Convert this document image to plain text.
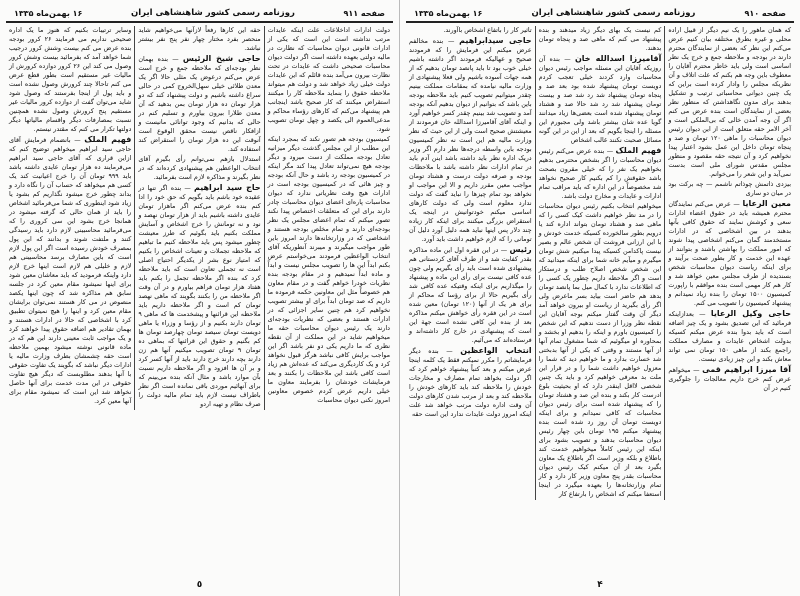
صفحه ۹۱۱
روزنامه رسمی کشور شاهنشاهی ایران
۱۶ بهمن‌ماه ۱۳۳۵

دولت ادارات اداخلاعات علت اینکه عایدات مرتب نداشته است این است که یکی از ادارات قانونی دیوان محاسبات که نظارت در مالیه دولتی بعهده داشته است اگر دولت دیوان محاسبات صحیحی داشت که عایدات در تحت نظارت بیرون می‌آمد بنده قائلم که این عایدات دولت خیلی زیاد خواهد شد و دولت هم میتواند ملاحظه حقوق را بنماید ملاحظه کار را میکنند استقراض میکنند که کار صحیح باشد اینجانب هم پیشنهاد می‌کنم که کارهای رؤساء محاکم و مدعی‌العموم الی یکصد و چهل تومان تصویب شود.

کمیسیون بودجه هم تصور نکند که بمجرد اینکه این مطلب از این مجلس گذشت دیگر میزانیه تعادل بودجه مملکت از دست میرود و دیگر بودجه هیچ نمی‌تواند تعادل پیدا کند مگر اینکه در کمیسیون بودجه رد باشد و حال آنکه بودجه و چیز هائی که در کمیسیون بودجه است در ادارات هیچ وقت نظریاتی ندارد که دیوان محاسبات پاره‌ای اعضای دیوان محاسبات چادر دارند برای این که متعلقات اختصاص پیدا نکند تصور میکنم که تمام اعضای مجلس یک نظر بودجه‌ای دارند و تمام مخلص بودجه هستند و اشخاصی که در وزارتخانه‌ها دارند امروز باین طور مواجب میگیرند و میبرند آنطوریکه آقای انتخاب الواعظین فرمودند می‌خواستم عرض بکنم ابداً این ها را تصویب مجلس نیست و ابداً و ماده ابداً نمیدهیم و در مقام بودجه بنده نظریات خودرا خواهم گفت و در مقام معاون هم خصوصاً مثل این معاونین حکمه فرموده ما داریم که صد تومان ابداً برای او بیشتر تصویب نخواهیم کرد هم چنین سایر اجزائی که در ادارات هستند و بعضی که نظریات بودجه‌ای دارند یک رئیس دیوان محاسبات حقه ما میخواهیم شاید در این مملکت از آن نقطه نظری که ما داریم یکی دو نفر باشد اگر این مواجب برایش کافی نباشد هرگز قبول نخواهد کرد و یک کاردیگری می‌کند که عده‌اش هم زیاد است کافی باشد این ملاحظات را بکنند و بعد فرمایشات خودشان را بفرمایند معاون ما خیلی داریم عرض کردم خصوص معاونین امروز نکنی دیوان محاسبات

حقه این کارها رفعاً لازآنها می‌خواهیم شاید منحصر بفرد مختار چهار نفر پنج نفر بیشتر نباشد.

حاجی شیخ الرئیس — بنده بهمان نظر بودجه‌ای که ملاحظه جمع و خرج است عرض می‌کنم درعوض یک مثلی حالا اگر یک معدن طلائی خیلی سهل‌الخروج کمی در حالی سراغ داشته باشیم و دولت پیشنهاد کند که دو هزار تومان ده هزار تومان بمن بدهید که آن معدن طلارا بیرون بیاورم و تسلیم کنم در حالی که بدانیم که وجود توانائی مانیست و ازافکار ناقص نیست محقق الوقوع است آنوقت این ده هزار تومان را استقراض کند استفاده کند.

استدلال بازهم نمی‌توانم رأی بگیرم آقای انتخاب الواعظین هم پیشنهادی کرده‌اند که در نظر بگیرند و مذاکره لازم است بفرمائید.

حاج سید ابراهیم — بنده اگر تنها در عقیده خود باشم باید بگویم که حق خود را ادا کنم بنده عرض می‌کنم اگر ماهزار تومان عایدی داشته باشیم باید از هزار تومان نهصد و نود و نه تومانش را خرج اشخاص و آسایش مملکت بکنیم باید بگوئیم که طرز معیشت چطور میشود پس باید ملاحظه کنیم ما تباهیم که ملاحظه تجملات و تعینات اشخاص را بکنیم که امتیاز نوع بشر از یکدیگر احتیاج اصلی است نه تجملی تعاون است که باید ملاحظه کرد که بنده اگر ملاحظه تجمل را بکنم باید هفتاد هزار تومان فراهم بیاورم و در آن وقت اگر ملاحظه من را بکنند بگویند که ماهی نهصد تومان کم است و اگر ملاحظه داریم باید ملاحظه این قرائنها و پیشخدمت ها که ماهی ۹ تومان دارند بکنیم و از رؤسا و وزراء یا ماهی دویست تومان سیصد تومان چهارصد تومان ها کم بگنیم و حقوق این قرائنها که بماهی ده تومان ۹ تومان تصویب میکنیم آنها هم زن دارند بچه دارند خرج دارند باید از آنها کسر کرد و بر آن ها افزود و اگر ملاحظه داریم نسبت بآن موارد باشد و مثال آنکه بنده می‌بینم که برای آنهائیم موردی باقی نمانده است اگر نظر باطراف نیست لازم باید تمام مالیه دولت را صرف نظام و تهیه اردو

وسایر ترتیبات بکنیم که هنوز ما یک اداره صحیحی نداریم می فرمایند ۲۶ کرور بودجه بنده عرض می کنم بیست وشش کرور درجیب شما خواهد آمد که بفرمائید بیست وشش کرور وصول می کند این ۲۶ کرور دوازده کرورش از مالیات غیر مستقیم است بطور قطع عرض می کنم تاحالا چند کرورش وصول نشده است و باید پول از اینجا بفرستند که وصول شود شاید می‌توان گفت از دوازده کرور مالیات غیر مستقیم پنج کرورش وصول نشده همچنین نسبت بمصارفات دیگر واقسام مالیاتها دیگر دولتها تکرار می کنم که مقتدر نیستم.

فهیم الملک — بانضمام فرمایش آقای حاجی سید ابراهیم میخواهم توضیح کنم که ازاین قراری که آقای حاجی سید ابراهیم می‌فرمایند ده هزار تومان عایدی داشته باشد باید ۹۹۹ تومان آن را خرج اعیانیت کند یک کسی هم میخواهد که حساب آن را نگاه دارد و بداند چطور خرج میشود نگذاریم کم بشود یا زیاد شود اینطوری که شما می‌فرمائید اشخاص را باید از همان حالی که گرفته میشود در همانجا خرج بشود این سی کروری را که می‌فرمائید محاسبینی لازم دارد باید رسیدگی کنند و ملتفت شوند و بدانند که این پول بمصرف خودش رسیده است اگر این پول لازم است که باین مصارف برسد محاسبینی هم لازم و خلیلی هم لازم است اینها خرج لازم دارد واینکه فرمودید که باید معاشان معین شود برای اینها نمیشود مقام معین کرد در جلسه سابق هم مذاکره شد که چون اینها یکصد منصوص در می کار هستند نمی‌توان برایشان مقام معین کرد و اینها را هیچ نمیتوان تطبیق کرد با اشخاصی که حالا در ادارات هستند و بهمان تقادیر هم اضافه حقوق پیدا خواهند کرد و یک مواجب ثابت معینی دارند این هم که در ماده قانونی نوشته میشود بهمین ملاحظه است حقه چشمشان بطرف وزارت مالیه یا ادارات دیگر نباشد که بگویند یک تفاوت حقوقی با آنها بدهند مطلوبست که دیگر هیچ تفاوت حقوقی در این مدت خدمت برای آنها حاصل نخواهد شد این است که نمیشود مقام برای آنها معین کرد.

٥
صفحه ۹۱۰
روزنامه رسمی کشور شاهنشاهی ایران
۱۶ بهمن‌ماه ۱۳۳۵

که همان ماهور را یک نیم دیگر از قبیل اراده محلی و غیره بطرق مختلفه بیان کنیم عرض می‌کنم این نظر که بعضی از نمایندگان محترم دارند در بودجه و ملاحظه جمع و خرج یک نظر اساسی است ولی باید خاطر محترم آقایان را معطوف باین وجه هم بکنم که علت اتلاف و آن نظریکه مجلس را وادار کرده است براین که یک چنین دیوانی محاسباتی ترتیب و تشکیل بدهند برای مدون نگاهداشتن که منظور نظر بعضی از نمایندگان است بنده عرض می کنم اگر آن وجه آمدن خالی که بی‌الملکی است و آخر الامر حقه متعلق است از این دیوان رئیس دیوان محاسبات را ماهی ۱۲۰ تومان و صد و پنجاه تومان داخل این عمل بشود اعتبار پیدا نخواهیم کرد و آن نتیجه حقه مقصود و منظور مجلس مقدس شورای ملی است بدست نمی‌آید و این شعر را می‌خوانم.

بیزدی ذاتمش چوذاتم ناشمم — چه برکت بود در میان دو ساری

معین الرعایا — عرض می‌کنم نمایندگان محترم همیشه باید در حقوق اعضاء ادارات سعی و کوشش نمایند که حقوق کافی بآنها بدهند در بین اشخاصی که در ادارات مستخدمند گمان می‌کنم اشخاصی پیدا شوند که امور مملکت را بهاشتن باشند و بتوانند از عهده این خدمت و کار بطور صحت برآیند و برای اینکه ریاست دیوان محاسبات شخص بسندیده از طرف مجلس معین خواهد شد و کار هم کار مهمی است بنده موافقم با راپورت کمیسیون ۱۵۰۰ تومان را بنده زیاد نمیدانم و پیشنهاد کمیسیون را تصویب می کنم.

حاجی وکیل الرعایا — بعدازاینکه فرمائید که این تصدیق بشود و یک چیز اضافه است که باید بدوا بنده عرض میکنم کسیکه بدولت اشخاص عایدات و مصارف مملکت راجمع بکند از ماهی ۱۵۰ تومان نمی تواند معاش بکند و این چیز زیادی نیست.

آقا میرزا ابراهیم قمی — میخواهم عرض کنم خرج داریم معالجات را جلوگیری کنیم در آن

کم نیست یک بهای دیگر زیاد میدهند و بنده پیشنهاد می کنم که ماهی صد و پنجاه تومان بدهند.

آقامیرزا اسدالله خان — بنده آن روزیکه آقایان این مسئله مواجب رئیس دیوان محاسبات وارد کردند خیلی تعجب کردم دویست تومان پیشنهاد شده بود بعد صد و پنجاه تومان پیشنهاد شد رد شد صد و بیست تومان پیشنهاد شد رد شد حالا صد و هشتاد تومان پیشنهاد شده است بعضی‌ها زیاد میدانند گویا عده شان بیشتر باشد ولی مجبورم این مسئله را اینجا بگویم که بعد از این در این گونه مسائل صحبت نکنند غالب اشخاص

فهیم الملک — بنده عرض می‌کنم رئیس دیوان محاسبات را اگر بشخص محترمی بدهیم بخواهیم یک نفر را که خیلی مقرون بصحت باشد حقوقش را کم بکنیم کار صحیح نخواهد شد مخصوصاً در این اداره که باید مراقب تمام ادارات و عایدات و مخارج دولت باشد.

میخواهیم انتخاب بکنیم رئیس دیوان محاسبات را در مد نظر خواهیم داشت کیک کسی را که ماهی صد و هشتاد تومان بتواند اداره کند یا درویم بطور سالخورده کسیکه خدمت خودش و با این ارزانی فروشت آن شخص عالم و بصیر نیست پاکدامن کسیکه پیدا میکنیم شش تومان میگیرم و میآیم خانه شما برای اینکه میدانید که این شخص شخص اصلاح طلب و درستکار است و اگر ملاحظه داریم چطور یک کسی را که اطلاعات ندارد با کمال میل بما پانصد تومان بدهد هم حاضر است بیاید بسر ماعرض ولی اگر رأی بگیرید از ریاست او بیرون خواهد آمد دیگر آن وقت گفتار میکنم بوجه آقایان این نقطه نظر وزرا از دست ندهیم که این شخص را کمیسیون باورم و اینکه را بدهیم او بخشد و بمحاوره او میگوئیم که شما مشغول تمام آنها از آنها مستند و وقتی که یکی از آنها بدبختی شد خسارت بدارد و ما خواهیم دید که شما را معزول خواهیم داشت شما را و در قرار این ملت بد معرفی خواهیم کرد و باید یک چنین شخصی لااقل اینقدر دارد که او بحیثیت بلوغ ادرست کار بکند و بنده این صد و هشتاد تومان را که پیشنهاد شده است برای رئیس دیوان محاسبات که کافی نمیدانم و برای اینکه دویست تومان آن روز رد شده است بنده پیشنهاد میکنم ۱۹۵ تومان باین چهار رئیس دیوان محاسبات بدهند و تصویب بشود برای اینکه این رئیس کاملاً میخواهیم خدمت کند باطلاع و بلکه وزیر است اگر باطلاع یک معاون بگیرد بعد از آن میکنم کیک رئیس دیوان محاسبات بقدر پنج معاون وزیر کار دارد و کار تمام وزارتخانه‌ها را بعهده میگیرد در اینجا استعفا میکنم که اشخاص را بارتفاع کار

تاثیر کار را باتفاع اشخاص باآورند.

حاجی سیدابراهیم — بنده مخالفم عرض میکنم این فرمایش را که فرمودند صحیح و عهالیکه فرمودند اگر داشته باشیم خیلی خوب بود تا باید پانصد تومان بدهیم که از همه جهات آسوده باشیم ولی فعلا پیشنهادی از وزارت مالیه نیامده که بمقامات مملکت بینیم چقدر میتوانیم تصویب کنیم باید ملاحظه بودجه باین باشد که بتوانیم از دیوان بدهیم آنکه بودجه آمد و تصویب شد بینیم چقدر کسر خواهیم آورد و اینکه آقای آقامیرزا اسدالله خان فرمودند از معیشتش صحیح است ولی از این حیث که نظر وزارت مالیه هم این است نه نظر کمیسیون بودجه باین واسطه درجه‌ها نظر دارم اگر وزیر دریک اداره نظر باید داشته باشد اینن آدم باید در تمام ادارات نظر داشته باشد با ملاحظات بودجه و صرفه دولت درست و هشتاد تومان مواجب معین مقرر داریم و الا این مواجب او نخواهد بود تمام چیزها را نباید گفت که دولت ندارد معلوم است ولی که دولت کارهای اساسی میکنم خودتوانیش در اینجه یک استقراض بزرگی میکنند برای اینکه کار زیاده چند دلار پس اینها نباید همه دلیل آورد دلیل آن تومانی را که لازم خواهیم داشت باید آورد.

رئیس — در این فقره اول این ماده مذاکره بقدر کفایت شد و از طرف آقای کردستانی هم پیشنهادی شده است باید رأی بگیریم ولی چون عده کافی نیست برای رأی این ماده و پیشنهاد را میگذاریم برای اینکه وقتیکه عده کافی شد رأی بگیریم حالا از برای رؤسا که محاکم از برای هر یک از آنها (۱۲۰ تومان) معین شده است در این فقره رأی خواهش میکنم مذاکره بعد از بنده این کافی نشده است جهة این است که پیشنهادی در خارج کار داشته‌اند و فرستاده‌اند که می‌آئیم.

انتخاب الواعظین — بنده دیگر فرمایشاتم را مکرر نمیکنم فقط یک کلمه اینجا عرض میکنم و بعد کتباً پیشنهاد خواهم کرد که اگر دولت بخواهد تمام مصارف و مخارجات خودش را ملاحظه کند باید کارهای خودش را ملاحظه کند و بعد از مرتب شدن کارهای دولت آن وقت اداره دولت مرتب خواهد شد علت اینکه امروز دولت عایدات ندارد این است حقه

۴
